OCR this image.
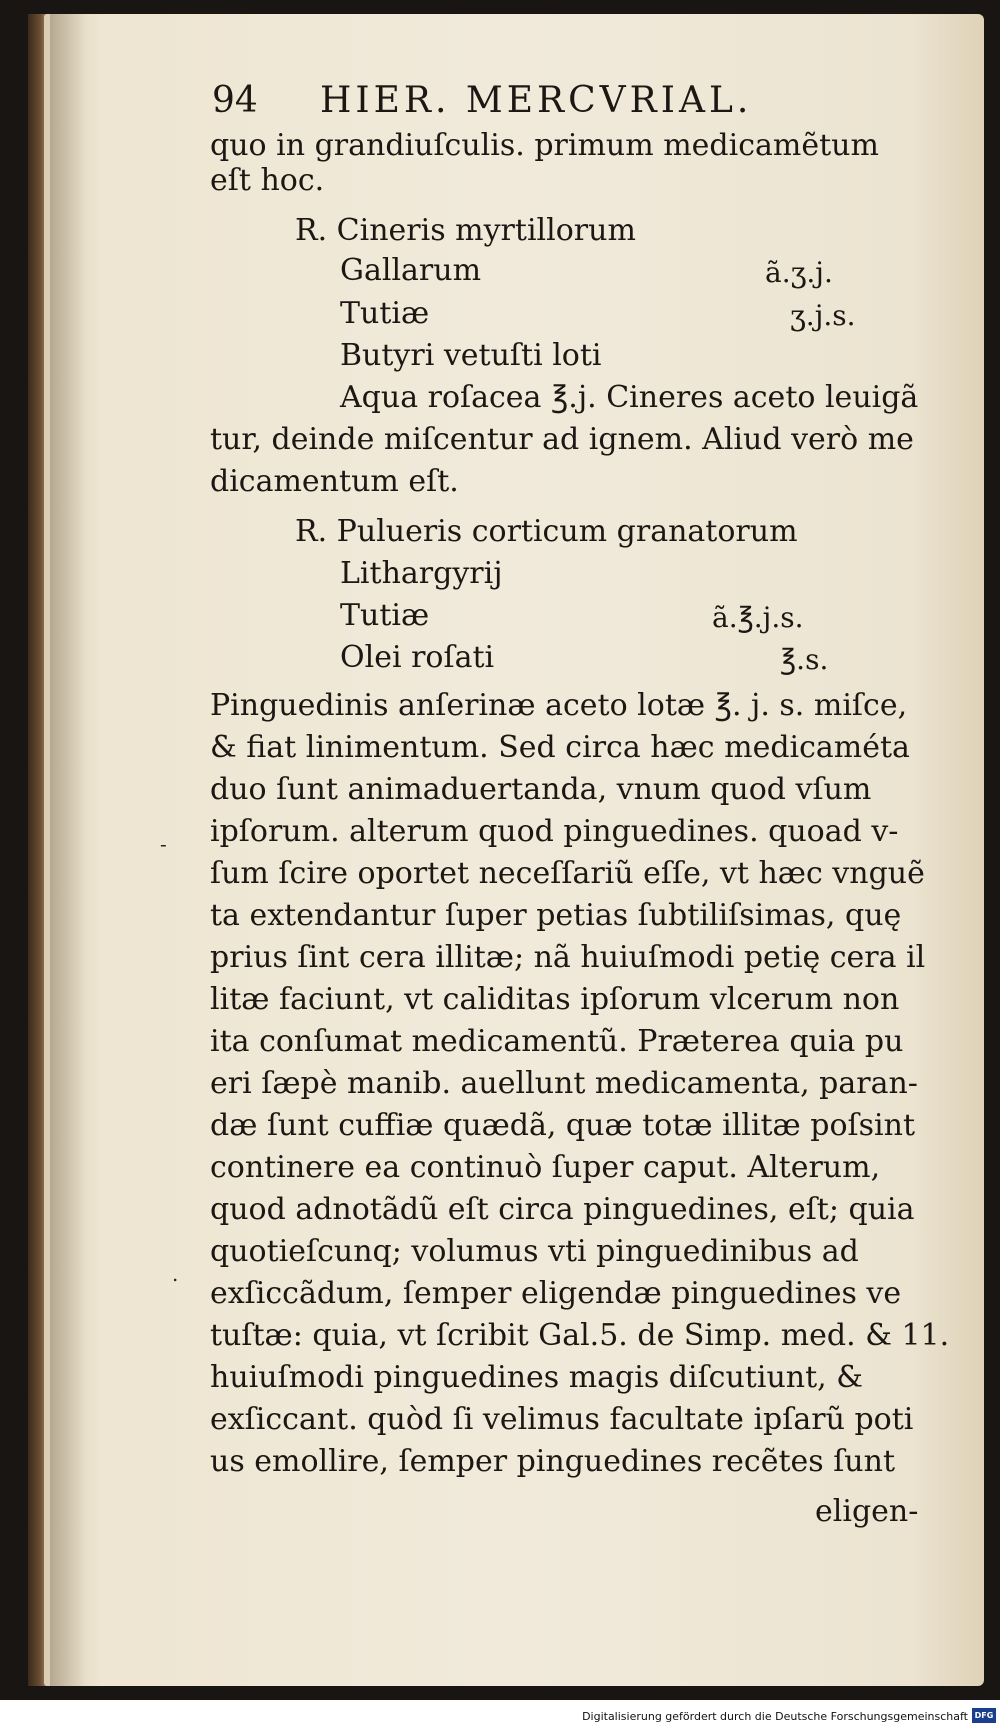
94 HIER. MERCVRIAL.
quo in grandiuſculis. primum medicamẽtum
eſt hoc.
R. Cineris myrtillorum
Gallarum	ã.ʒ.j.
Tutiæ	ʒ.j.s.
Butyri vetuſti loti
Aqua roſacea ℥.j. Cineres aceto leuigã
tur, deinde miſcentur ad ignem. Aliud verò me
dicamentum eſt.
R. Pulueris corticum granatorum
Lithargyrij
Tutiæ	ã.℥.j.s.
Olei roſati	℥.s.
Pinguedinis anſerinæ aceto lotæ ℥. j. s. miſce,
& fiat linimentum. Sed circa hæc medicaméta
duo ſunt animaduertanda, vnum quod vſum
ipſorum. alterum quod pinguedines. quoad v-
ſum ſcire oportet neceſſariũ eſſe, vt hæc vnguẽ
ta extendantur ſuper petias ſubtiliſsimas, quę
prius ſint cera illitæ; nã huiuſmodi petię cera il
litæ faciunt, vt caliditas ipſorum vlcerum non
ita conſumat medicamentũ. Præterea quia pu
eri ſæpè manib. auellunt medicamenta, paran-
dæ ſunt cuffiæ quædã, quæ totæ illitæ poſsint
continere ea continuò ſuper caput. Alterum,
quod adnotãdũ eſt circa pinguedines, eſt; quia
quotieſcunq; volumus vti pinguedinibus ad
exſiccãdum, ſemper eligendæ pinguedines ve
tuſtæ: quia, vt ſcribit Gal.5. de Simp. med. & 11.
huiuſmodi pinguedines magis diſcutiunt, &
exſiccant. quòd ſi velimus facultate ipſarũ poti
us emollire, ſemper pinguedines recẽtes ſunt
eligen-
-
.
Digitalisierung gefördert durch die Deutsche Forschungsgemeinschaft DFG
